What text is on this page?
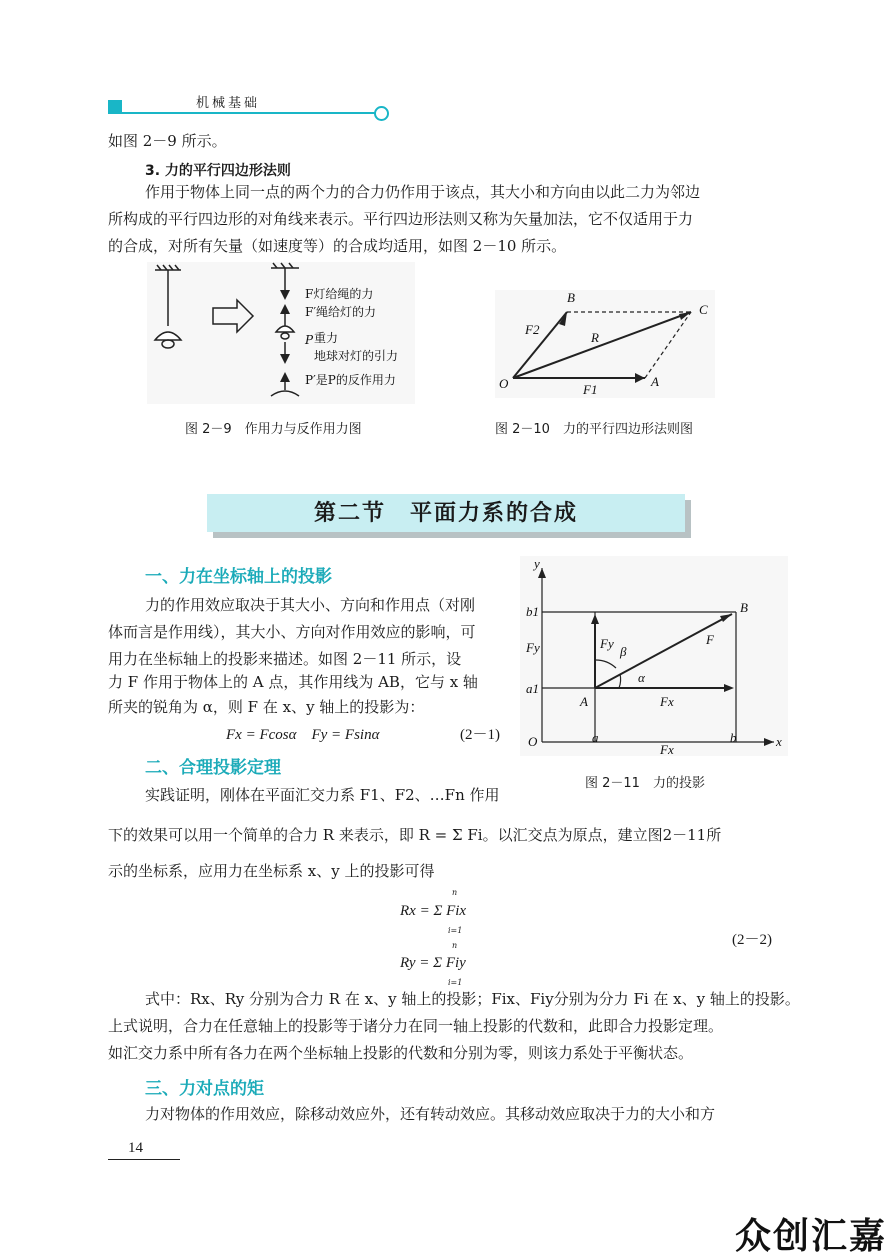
机械基础
如图 2－9 所示。
3. 力的平行四边形法则
作用于物体上同一点的两个力的合力仍作用于该点，其大小和方向由以此二力为邻边
所构成的平行四边形的对角线来表示。平行四边形法则又称为矢量加法，它不仅适用于力
的合成，对所有矢量（如速度等）的合成均适用，如图 2－10 所示。
F灯给绳的力
F′绳给灯的力
P 重力
地球对灯的引力
P′是P的反作用力
图 2－9　作用力与反作用力图
B
C
R
F2
O	F1
A
图 2－10　力的平行四边形法则图
第二节　平面力系的合成
一、力在坐标轴上的投影
力的作用效应取决于其大小、方向和作用点（对刚
体而言是作用线），其大小、方向对作用效应的影响，可
用力在坐标轴上的投影来描述。如图 2－11 所示，设
力 F 作用于物体上的 A 点，其作用线为 AB，它与 x 轴
所夹的锐角为 α，则 F 在 x、y 轴上的投影为：
Fx = Fcosα　Fy = Fsinα	(2－1)
y
x
O
b1
a1
B
F
Fy
Fy	β
α
A	Fx
a	b
Fx
图 2－11　力的投影
二、合理投影定理
实践证明，刚体在平面汇交力系 F1、F2、…Fn 作用
下的效果可以用一个简单的合力 R 来表示，即 R = Σ Fi。以汇交点为原点，建立图2－11所
示的坐标系，应用力在坐标系 x、y 上的投影可得
Rx = Σ Fix
Ry = Σ Fiy
n
i=1
n
i=1
(2－2)
式中：Rx、Ry 分别为合力 R 在 x、y 轴上的投影；Fix、Fiy分别为分力 Fi 在 x、y 轴上的投影。
上式说明，合力在任意轴上的投影等于诸分力在同一轴上投影的代数和，此即合力投影定理。
如汇交力系中所有各力在两个坐标轴上投影的代数和分别为零，则该力系处于平衡状态。
三、力对点的矩
力对物体的作用效应，除移动效应外，还有转动效应。其移动效应取决于力的大小和方
14
众创汇嘉
